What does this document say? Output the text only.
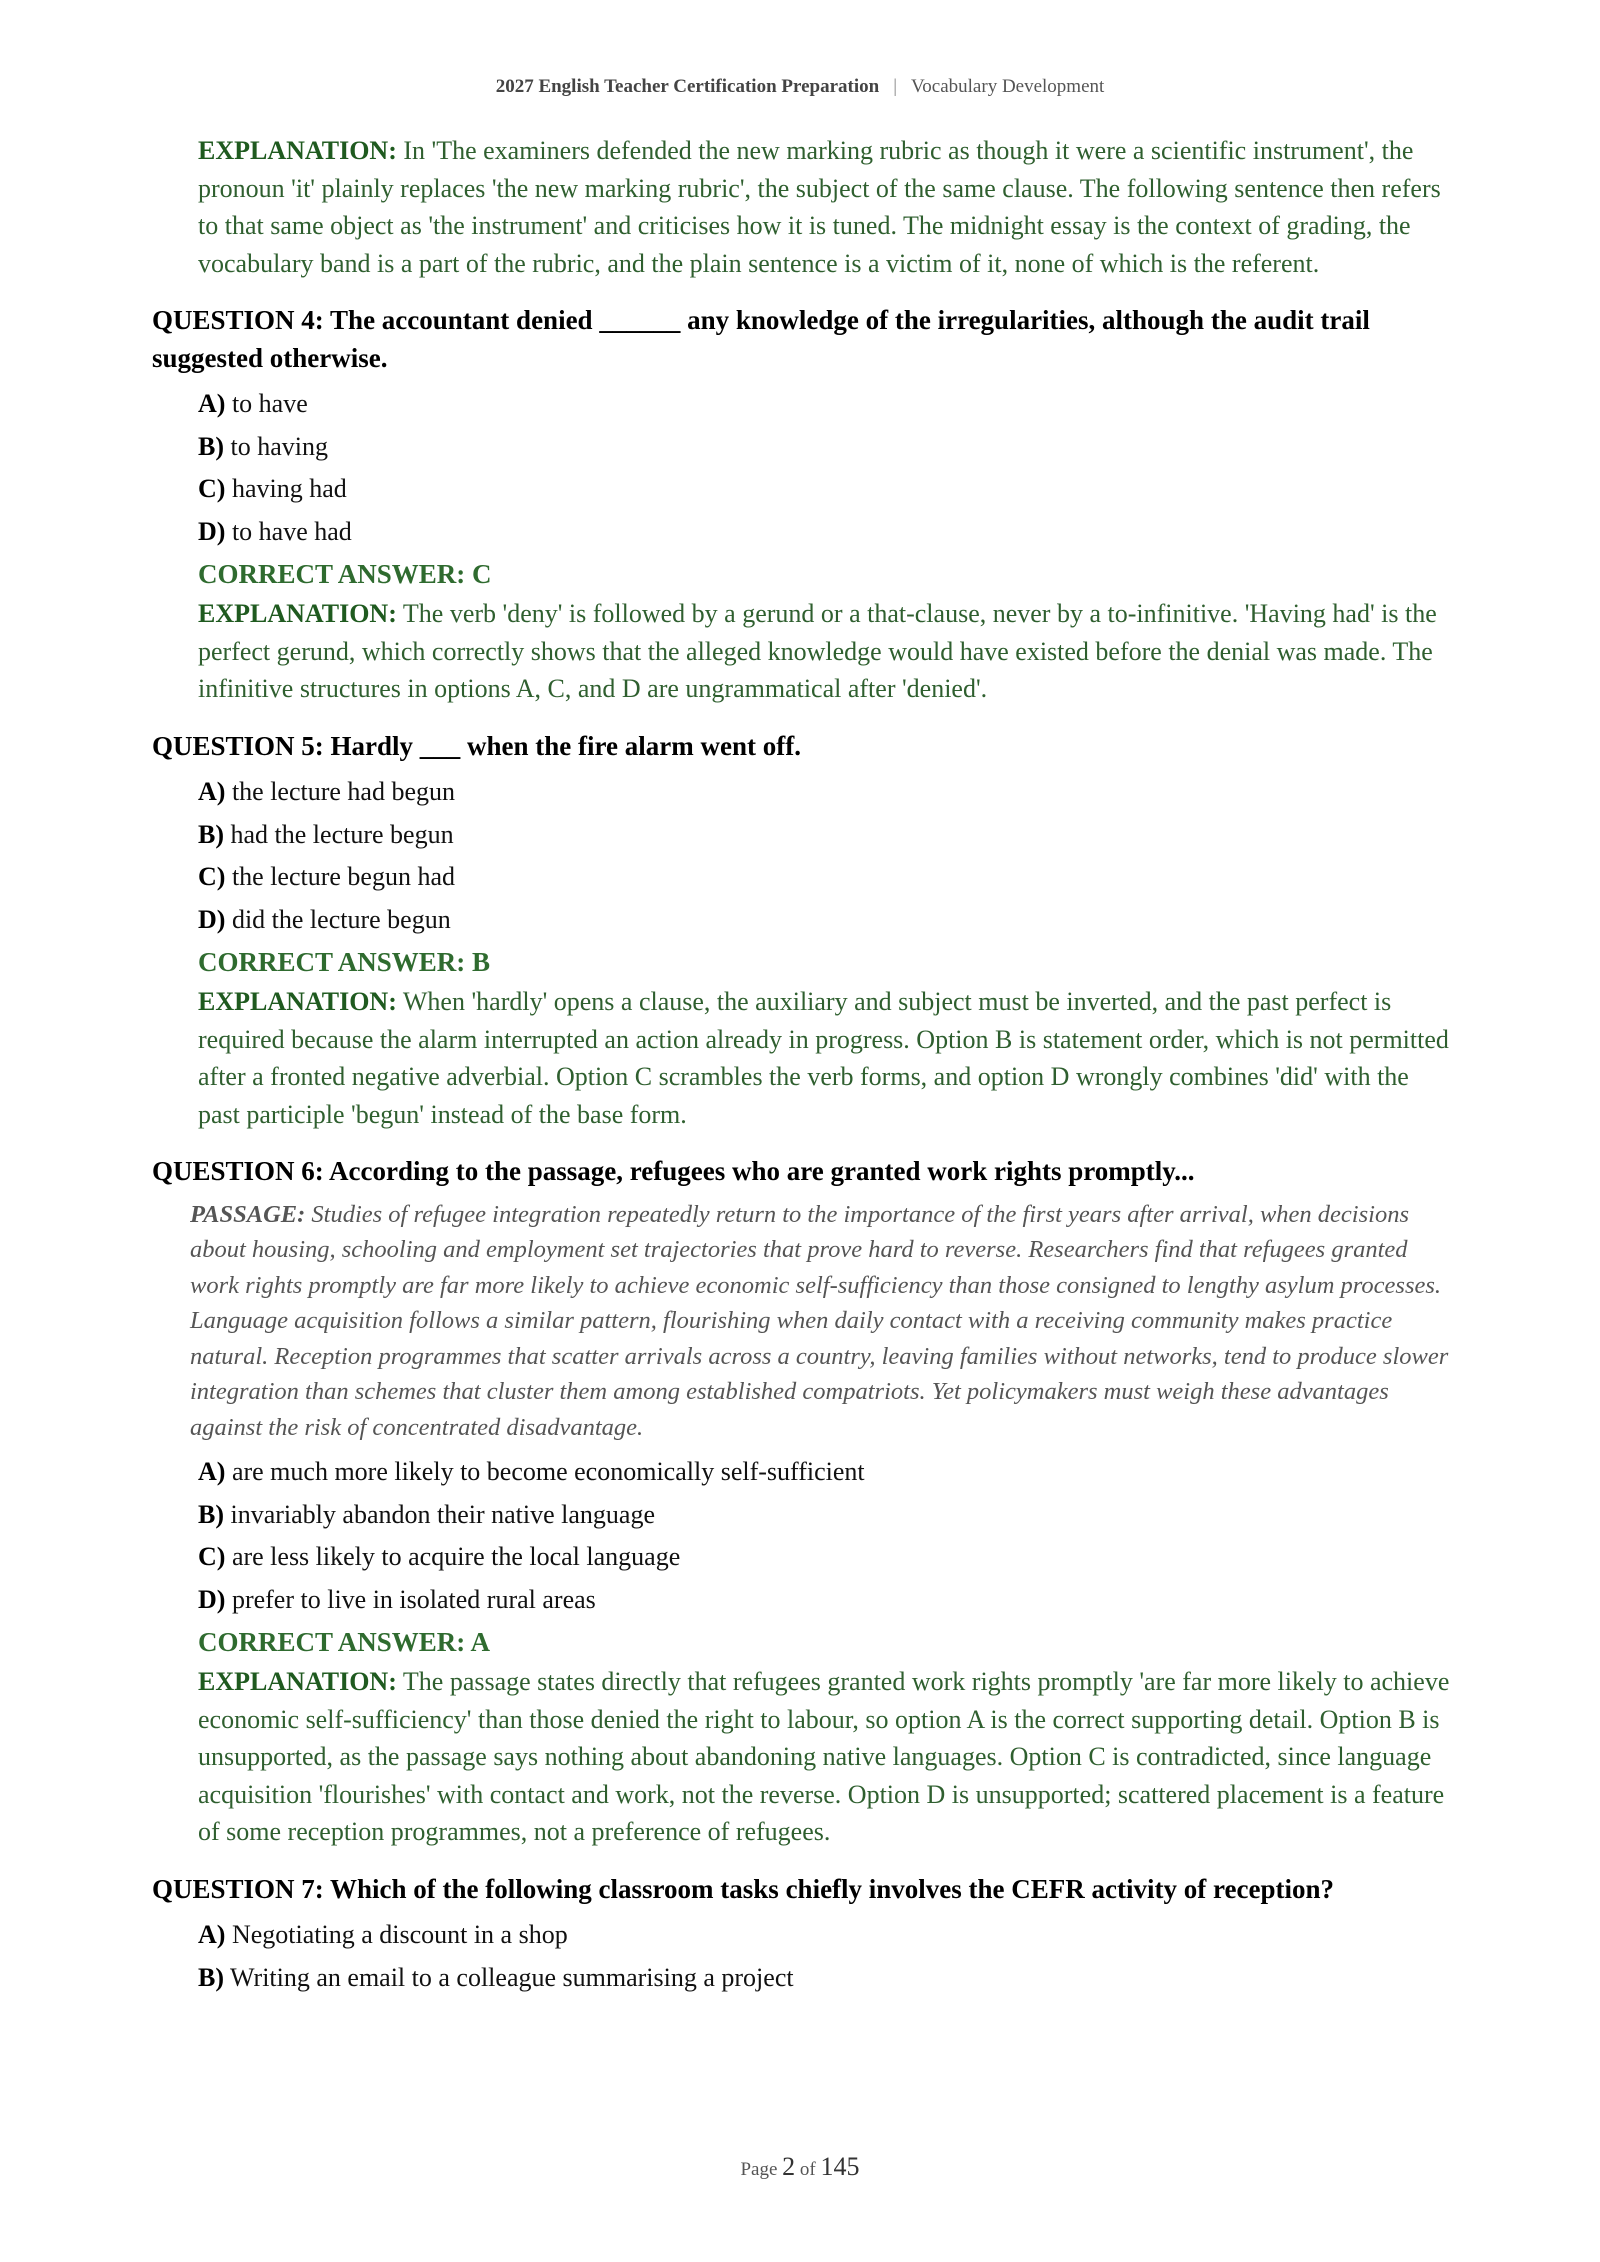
2027 English Teacher Certification Preparation | Vocabulary Development
EXPLANATION: In 'The examiners defended the new marking rubric as though it were a scientific instrument', the pronoun 'it' plainly replaces 'the new marking rubric', the subject of the same clause. The following sentence then refers to that same object as 'the instrument' and criticises how it is tuned. The midnight essay is the context of grading, the vocabulary band is a part of the rubric, and the plain sentence is a victim of it, none of which is the referent.
QUESTION 4: The accountant denied ______ any knowledge of the irregularities, although the audit trail suggested otherwise.
A) to have
B) to having
C) having had
D) to have had
CORRECT ANSWER: C
EXPLANATION: The verb 'deny' is followed by a gerund or a that-clause, never by a to-infinitive. 'Having had' is the perfect gerund, which correctly shows that the alleged knowledge would have existed before the denial was made. The infinitive structures in options A, C, and D are ungrammatical after 'denied'.
QUESTION 5: Hardly ___ when the fire alarm went off.
A) the lecture had begun
B) had the lecture begun
C) the lecture begun had
D) did the lecture begun
CORRECT ANSWER: B
EXPLANATION: When 'hardly' opens a clause, the auxiliary and subject must be inverted, and the past perfect is required because the alarm interrupted an action already in progress. Option B is statement order, which is not permitted after a fronted negative adverbial. Option C scrambles the verb forms, and option D wrongly combines 'did' with the past participle 'begun' instead of the base form.
QUESTION 6: According to the passage, refugees who are granted work rights promptly...
PASSAGE: Studies of refugee integration repeatedly return to the importance of the first years after arrival, when decisions about housing, schooling and employment set trajectories that prove hard to reverse. Researchers find that refugees granted work rights promptly are far more likely to achieve economic self-sufficiency than those consigned to lengthy asylum processes. Language acquisition follows a similar pattern, flourishing when daily contact with a receiving community makes practice natural. Reception programmes that scatter arrivals across a country, leaving families without networks, tend to produce slower integration than schemes that cluster them among established compatriots. Yet policymakers must weigh these advantages against the risk of concentrated disadvantage.
A) are much more likely to become economically self-sufficient
B) invariably abandon their native language
C) are less likely to acquire the local language
D) prefer to live in isolated rural areas
CORRECT ANSWER: A
EXPLANATION: The passage states directly that refugees granted work rights promptly 'are far more likely to achieve economic self-sufficiency' than those denied the right to labour, so option A is the correct supporting detail. Option B is unsupported, as the passage says nothing about abandoning native languages. Option C is contradicted, since language acquisition 'flourishes' with contact and work, not the reverse. Option D is unsupported; scattered placement is a feature of some reception programmes, not a preference of refugees.
QUESTION 7: Which of the following classroom tasks chiefly involves the CEFR activity of reception?
A) Negotiating a discount in a shop
B) Writing an email to a colleague summarising a project
Page 2 of 145
